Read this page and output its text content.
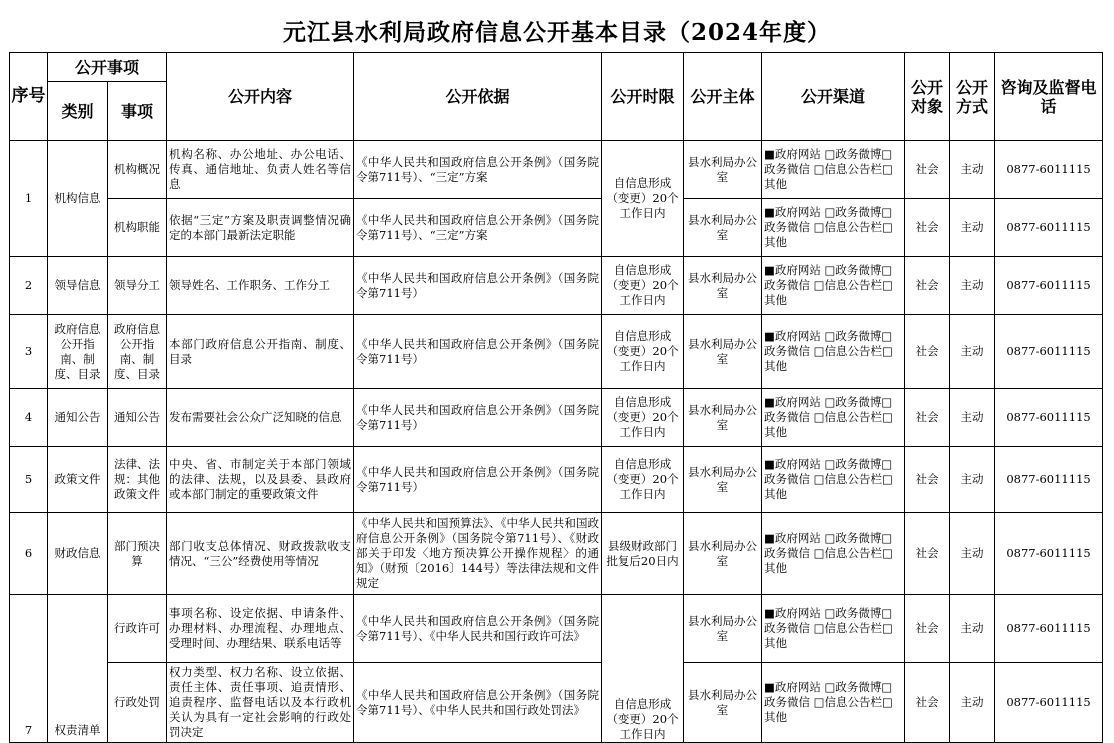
元江县水利局政府信息公开基本目录（2024年度）
序号	公开事项		公开内容	公开依据	公开时限	公开主体	公开渠道	公开对象	公开方式	咨询及监督电话
	类别	事项								
1	机构信息	机构概况	机构名称、办公地址、办公电话、传真、通信地址、负责人姓名等信息	《中华人民共和国政府信息公开条例》（国务院令第711号）、“三定”方案	自信息形成（变更）20个工作日内	县水利局办公室	■政府网站 □政务微博□政务微信 □信息公告栏□其他	社会	主动	0877-6011115
		机构职能	依据“三定”方案及职责调整情况确定的本部门最新法定职能	《中华人民共和国政府信息公开条例》（国务院令第711号）、“三定”方案		县水利局办公室	■政府网站 □政务微博□政务微信 □信息公告栏□其他	社会	主动	0877-6011115
2	领导信息	领导分工	领导姓名、工作职务、工作分工	《中华人民共和国政府信息公开条例》（国务院令第711号）	自信息形成（变更）20个工作日内	县水利局办公室	■政府网站 □政务微博□政务微信 □信息公告栏□其他	社会	主动	0877-6011115
3	政府信息公开指南、制度、目录	政府信息公开指南、制度、目录	本部门政府信息公开指南、制度、目录	《中华人民共和国政府信息公开条例》（国务院令第711号）	自信息形成（变更）20个工作日内	县水利局办公室	■政府网站 □政务微博□政务微信 □信息公告栏□其他	社会	主动	0877-6011115
4	通知公告	通知公告	发布需要社会公众广泛知晓的信息	《中华人民共和国政府信息公开条例》（国务院令第711号）	自信息形成（变更）20个工作日内	县水利局办公室	■政府网站 □政务微博□政务微信 □信息公告栏□其他	社会	主动	0877-6011115
5	政策文件	法律、法规：其他政策文件	中央、省、市制定关于本部门领域的法律、法规，以及县委、县政府或本部门制定的重要政策文件	《中华人民共和国政府信息公开条例》（国务院令第711号）	自信息形成（变更）20个工作日内	县水利局办公室	■政府网站 □政务微博□政务微信 □信息公告栏□其他	社会	主动	0877-6011115
6	财政信息	部门预决算	部门收支总体情况、财政拨款收支情况、“三公”经费使用等情况	《中华人民共和国预算法》、《中华人民共和国政府信息公开条例》（国务院令第711号）、《财政部关于印发〈地方预决算公开操作规程〉的通知》（财预〔2016〕144号）等法律法规和文件规定	县级财政部门批复后20日内	县水利局办公室	■政府网站 □政务微博□政务微信 □信息公告栏□其他	社会	主动	0877-6011115
7	权责清单	行政许可	事项名称、设定依据、申请条件、办理材料、办理流程、办理地点、受理时间、办理结果、联系电话等	《中华人民共和国政府信息公开条例》（国务院令第711号）、《中华人民共和国行政许可法》	自信息形成（变更）20个工作日内	县水利局办公室	■政府网站 □政务微博□政务微信 □信息公告栏□其他	社会	主动	0877-6011115
		行政处罚	权力类型、权力名称、设立依据、责任主体、责任事项、追责情形、追责程序、监督电话以及本行政机关认为具有一定社会影响的行政处罚决定	《中华人民共和国政府信息公开条例》（国务院令第711号）、《中华人民共和国行政处罚法》		县水利局办公室	■政府网站 □政务微博□政务微信 □信息公告栏□其他	社会	主动	0877-6011115
